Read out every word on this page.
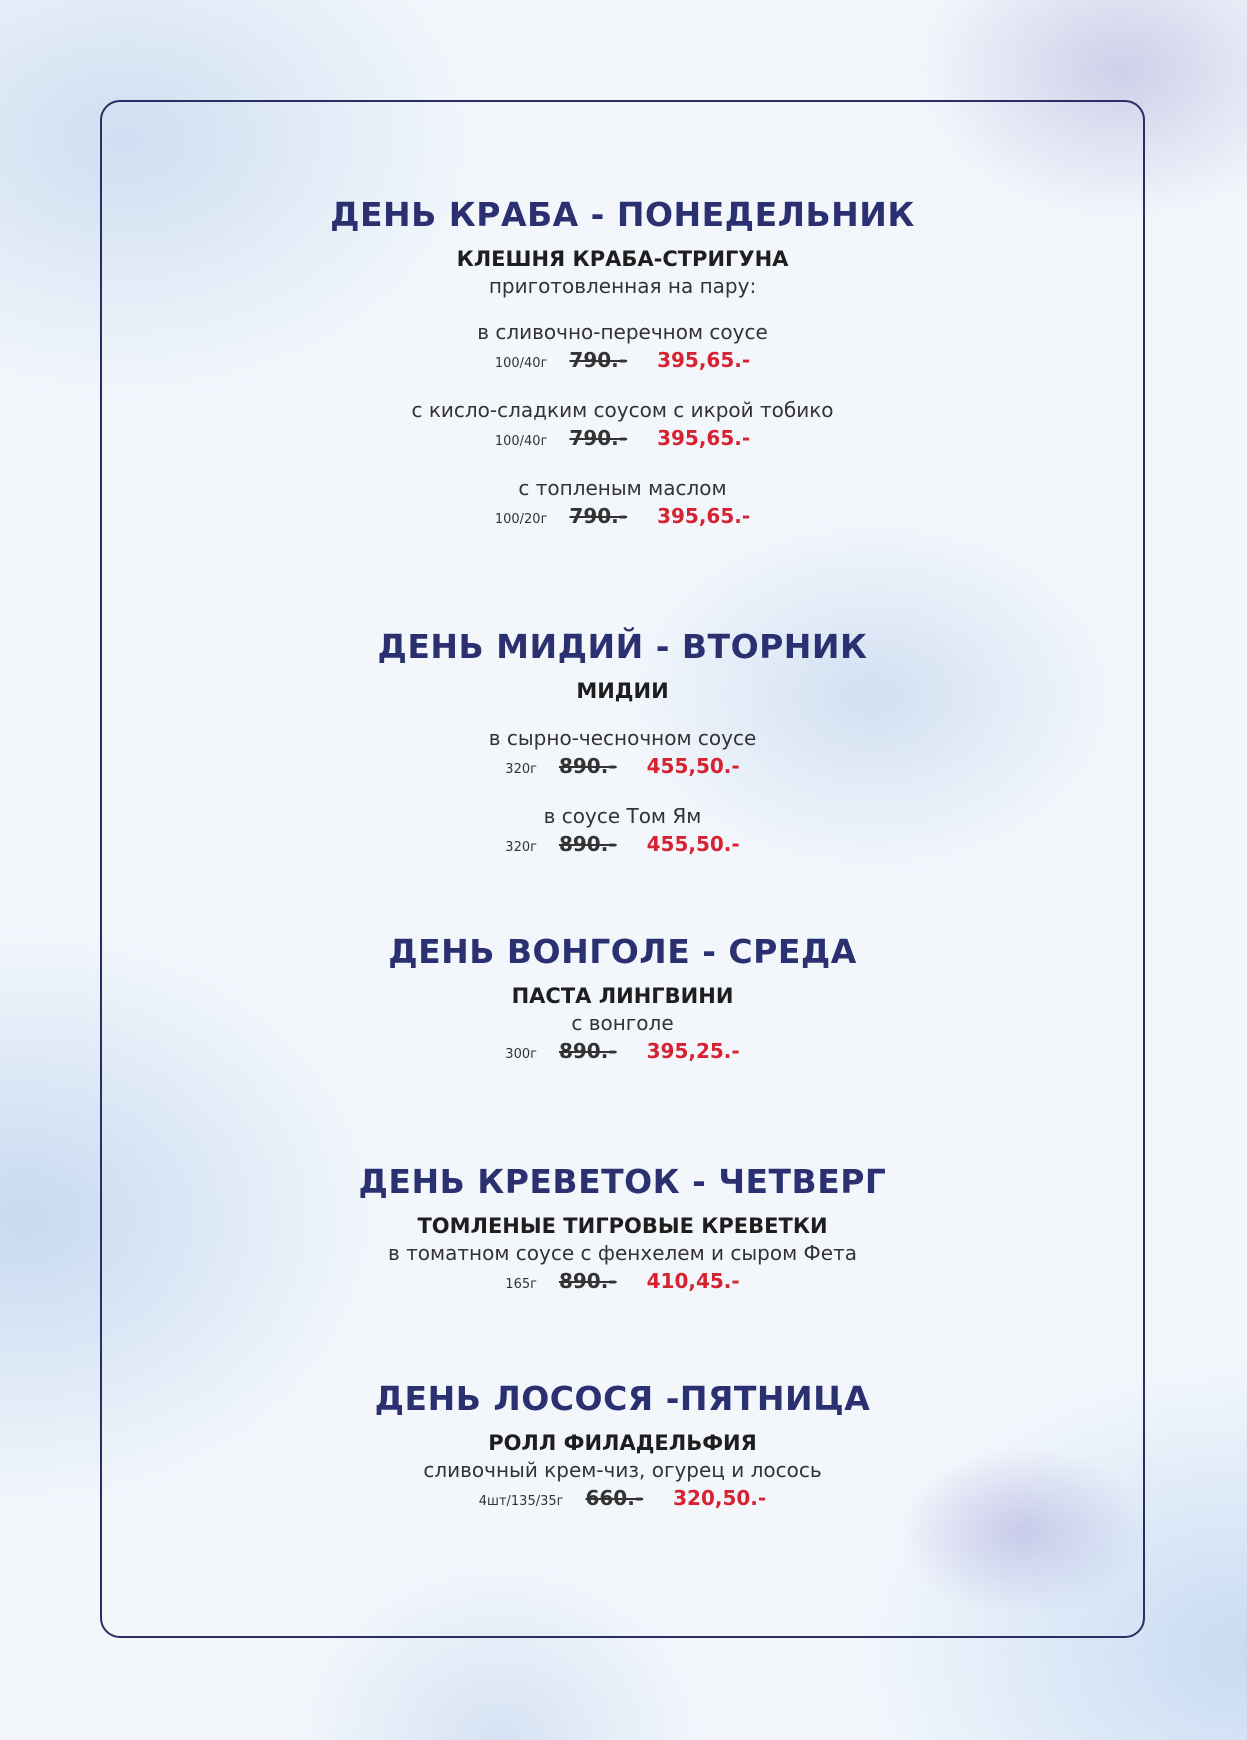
ДЕНЬ КРАБА - ПОНЕДЕЛЬНИК
КЛЕШНЯ КРАБА-СТРИГУНА
приготовленная на пару:
в сливочно-перечном соусе
100/40г 790.- 395,65.-
с кисло-сладким соусом с икрой тобико
100/40г 790.- 395,65.-
с топленым маслом
100/20г 790.- 395,65.-
ДЕНЬ МИДИЙ - ВТОРНИК
МИДИИ
в сырно-чесночном соусе
320г 890.- 455,50.-
в соусе Том Ям
320г 890.- 455,50.-
ДЕНЬ ВОНГОЛЕ - СРЕДА
ПАСТА ЛИНГВИНИ
с вонголе
300г 890.- 395,25.-
ДЕНЬ КРЕВЕТОК - ЧЕТВЕРГ
ТОМЛЕНЫЕ ТИГРОВЫЕ КРЕВЕТКИ
в томатном соусе с фенхелем и сыром Фета
165г 890.- 410,45.-
ДЕНЬ ЛОСОСЯ -ПЯТНИЦА
РОЛЛ ФИЛАДЕЛЬФИЯ
сливочный крем-чиз, огурец и лосось
4шт/135/35г 660.- 320,50.-
